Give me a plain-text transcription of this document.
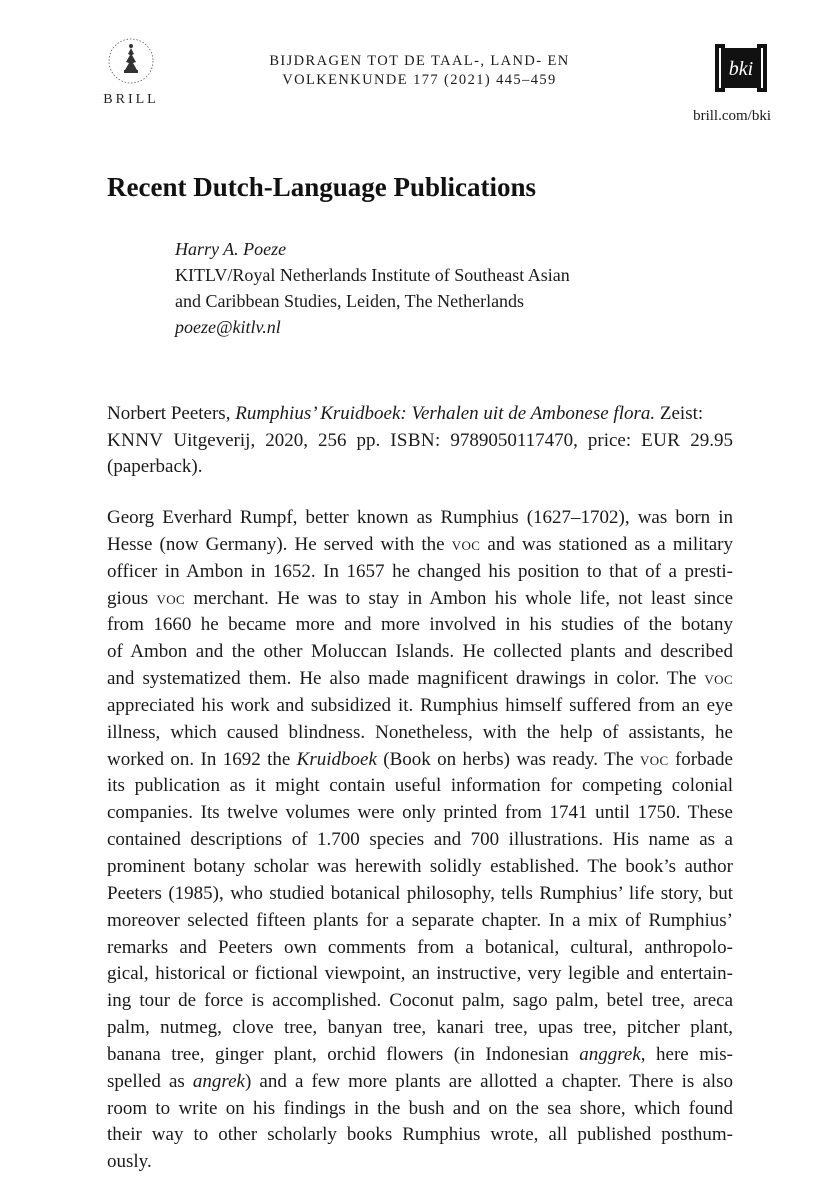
BRILL
BIJDRAGEN TOT DE TAAL-, LAND- EN
VOLKENKUNDE 177 (2021) 445–459	bki
brill.com/bki
Recent Dutch-Language Publications
Harry A. Poeze
KITLV/Royal Netherlands Institute of Southeast Asian
and Caribbean Studies, Leiden, The Netherlands
poeze@kitlv.nl

Norbert Peeters, Rumphius’ Kruidboek: Verhalen uit de Ambonese flora. Zeist:
KNNV Uitgeverij, 2020, 256 pp. ISBN: 9789050117470, price: EUR 29.95 (paperback).

Georg Everhard Rumpf, better known as Rumphius (1627–1702), was born in
Hesse (now Germany). He served with the voc and was stationed as a military
officer in Ambon in 1652. In 1657 he changed his position to that of a presti-
gious voc merchant. He was to stay in Ambon his whole life, not least since
from 1660 he became more and more involved in his studies of the botany
of Ambon and the other Moluccan Islands. He collected plants and described
and systematized them. He also made magnificent drawings in color. The voc
appreciated his work and subsidized it. Rumphius himself suffered from an eye
illness, which caused blindness. Nonetheless, with the help of assistants, he
worked on. In 1692 the Kruidboek (Book on herbs) was ready. The voc forbade
its publication as it might contain useful information for competing colonial
companies. Its twelve volumes were only printed from 1741 until 1750. These
contained descriptions of 1.700 species and 700 illustrations. His name as a
prominent botany scholar was herewith solidly established. The book’s author
Peeters (1985), who studied botanical philosophy, tells Rumphius’ life story, but
moreover selected fifteen plants for a separate chapter. In a mix of Rumphius’
remarks and Peeters own comments from a botanical, cultural, anthropolo-
gical, historical or fictional viewpoint, an instructive, very legible and entertain-
ing tour de force is accomplished. Coconut palm, sago palm, betel tree, areca
palm, nutmeg, clove tree, banyan tree, kanari tree, upas tree, pitcher plant,
banana tree, ginger plant, orchid flowers (in Indonesian anggrek, here mis-
spelled as angrek) and a few more plants are allotted a chapter. There is also
room to write on his findings in the bush and on the sea shore, which found
their way to other scholarly books Rumphius wrote, all published posthum-
ously.
